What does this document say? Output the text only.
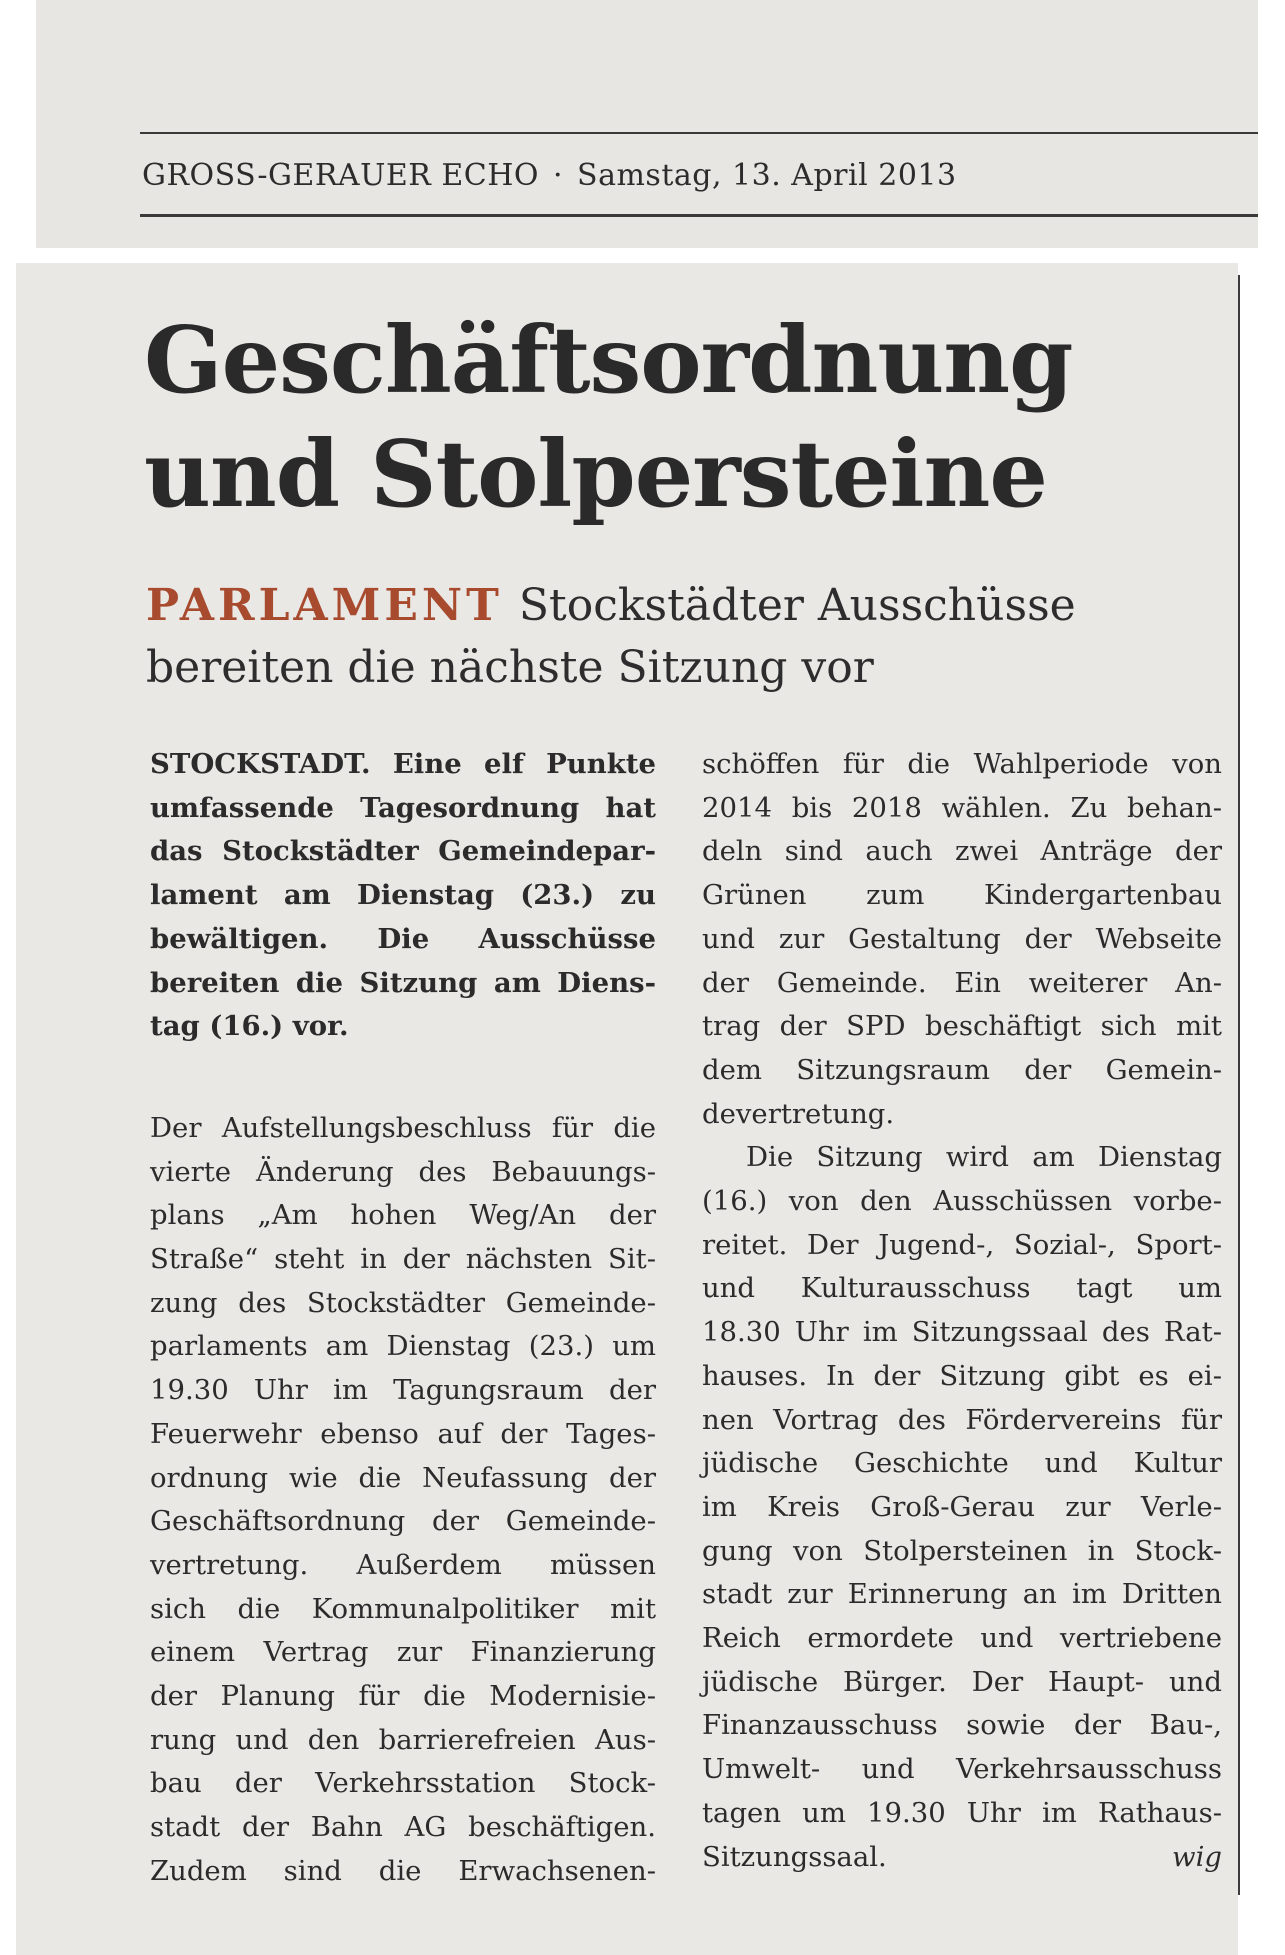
GROSS-GERAUER ECHO · Samstag, 13. April 2013
Geschäftsordnung
und Stolpersteine
PARLAMENT Stockstädter Ausschüsse
bereiten die nächste Sitzung vor
STOCKSTADT. Eine elf Punkte
umfassende Tagesordnung hat
das Stockstädter Gemeindepar-
lament am Dienstag (23.) zu
bewältigen. Die Ausschüsse
bereiten die Sitzung am Diens-
tag (16.) vor.
Der Aufstellungsbeschluss für die
vierte Änderung des Bebauungs-
plans „Am hohen Weg/An der
Straße“ steht in der nächsten Sit-
zung des Stockstädter Gemeinde-
parlaments am Dienstag (23.) um
19.30 Uhr im Tagungsraum der
Feuerwehr ebenso auf der Tages-
ordnung wie die Neufassung der
Geschäftsordnung der Gemeinde-
vertretung. Außerdem müssen
sich die Kommunalpolitiker mit
einem Vertrag zur Finanzierung
der Planung für die Modernisie-
rung und den barrierefreien Aus-
bau der Verkehrsstation Stock-
stadt der Bahn AG beschäftigen.
Zudem sind die Erwachsenen-
schöffen für die Wahlperiode von
2014 bis 2018 wählen. Zu behan-
deln sind auch zwei Anträge der
Grünen zum Kindergartenbau
und zur Gestaltung der Webseite
der Gemeinde. Ein weiterer An-
trag der SPD beschäftigt sich mit
dem Sitzungsraum der Gemein-
devertretung.
Die Sitzung wird am Dienstag
(16.) von den Ausschüssen vorbe-
reitet. Der Jugend-, Sozial-, Sport-
und Kulturausschuss tagt um
18.30 Uhr im Sitzungssaal des Rat-
hauses. In der Sitzung gibt es ei-
nen Vortrag des Fördervereins für
jüdische Geschichte und Kultur
im Kreis Groß-Gerau zur Verle-
gung von Stolpersteinen in Stock-
stadt zur Erinnerung an im Dritten
Reich ermordete und vertriebene
jüdische Bürger. Der Haupt- und
Finanzausschuss sowie der Bau-,
Umwelt- und Verkehrsausschuss
tagen um 19.30 Uhr im Rathaus-
Sitzungssaal.	wig
